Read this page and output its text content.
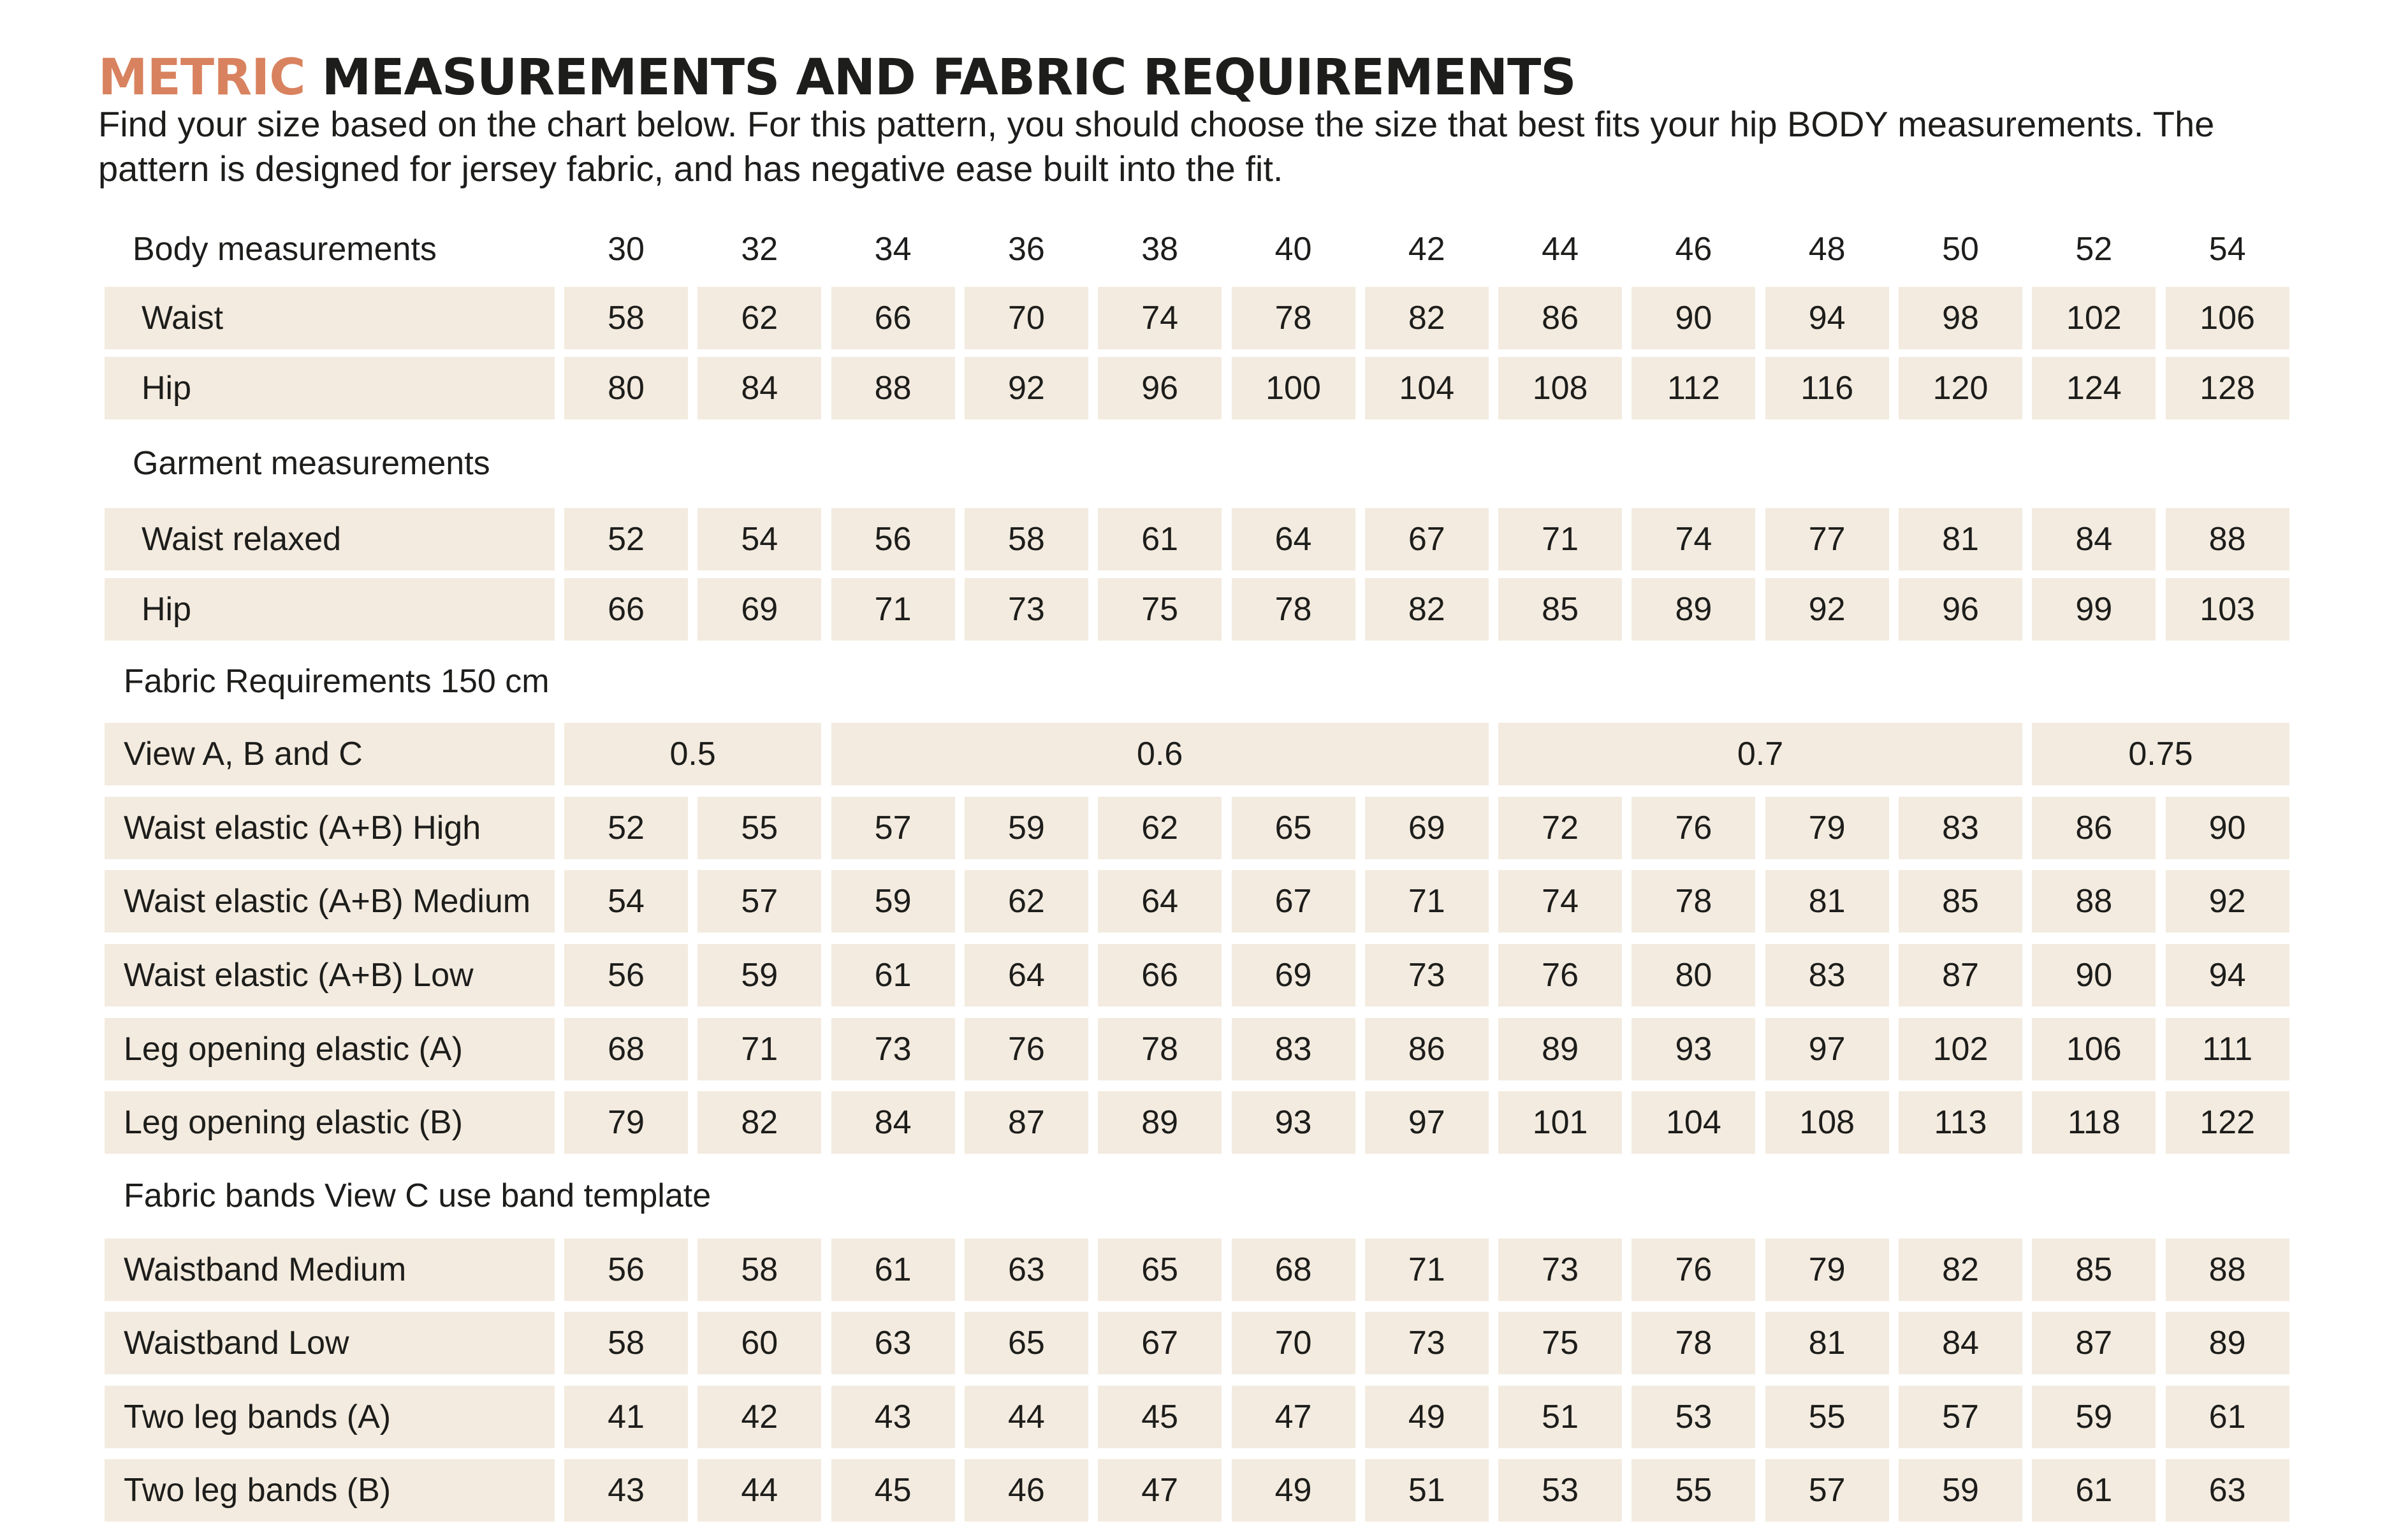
METRIC MEASUREMENTS AND FABRIC REQUIREMENTS
Find your size based on the chart below. For this pattern, you should choose the size that best fits your hip BODY measurements. The pattern is designed for jersey fabric, and has negative ease built into the fit.
Body measurements	30	32	34	36	38	40	42	44	46	48	50	52	54
Waist	58	62	66	70	74	78	82	86	90	94	98	102	106
Hip	80	84	88	92	96	100	104	108	112	116	120	124	128
Garment measurements
Waist relaxed	52	54	56	58	61	64	67	71	74	77	81	84	88
Hip	66	69	71	73	75	78	82	85	89	92	96	99	103
Fabric Requirements 150 cm
View A, B and C	0.5	0.6	0.7	0.75
Waist elastic (A+B) High	52	55	57	59	62	65	69	72	76	79	83	86	90
Waist elastic (A+B) Medium	54	57	59	62	64	67	71	74	78	81	85	88	92
Waist elastic (A+B) Low	56	59	61	64	66	69	73	76	80	83	87	90	94
Leg opening elastic (A)	68	71	73	76	78	83	86	89	93	97	102	106	111
Leg opening elastic (B)	79	82	84	87	89	93	97	101	104	108	113	118	122
Fabric bands View C use band template
Waistband Medium	56	58	61	63	65	68	71	73	76	79	82	85	88
Waistband Low	58	60	63	65	67	70	73	75	78	81	84	87	89
Two leg bands (A)	41	42	43	44	45	47	49	51	53	55	57	59	61
Two leg bands (B)	43	44	45	46	47	49	51	53	55	57	59	61	63
